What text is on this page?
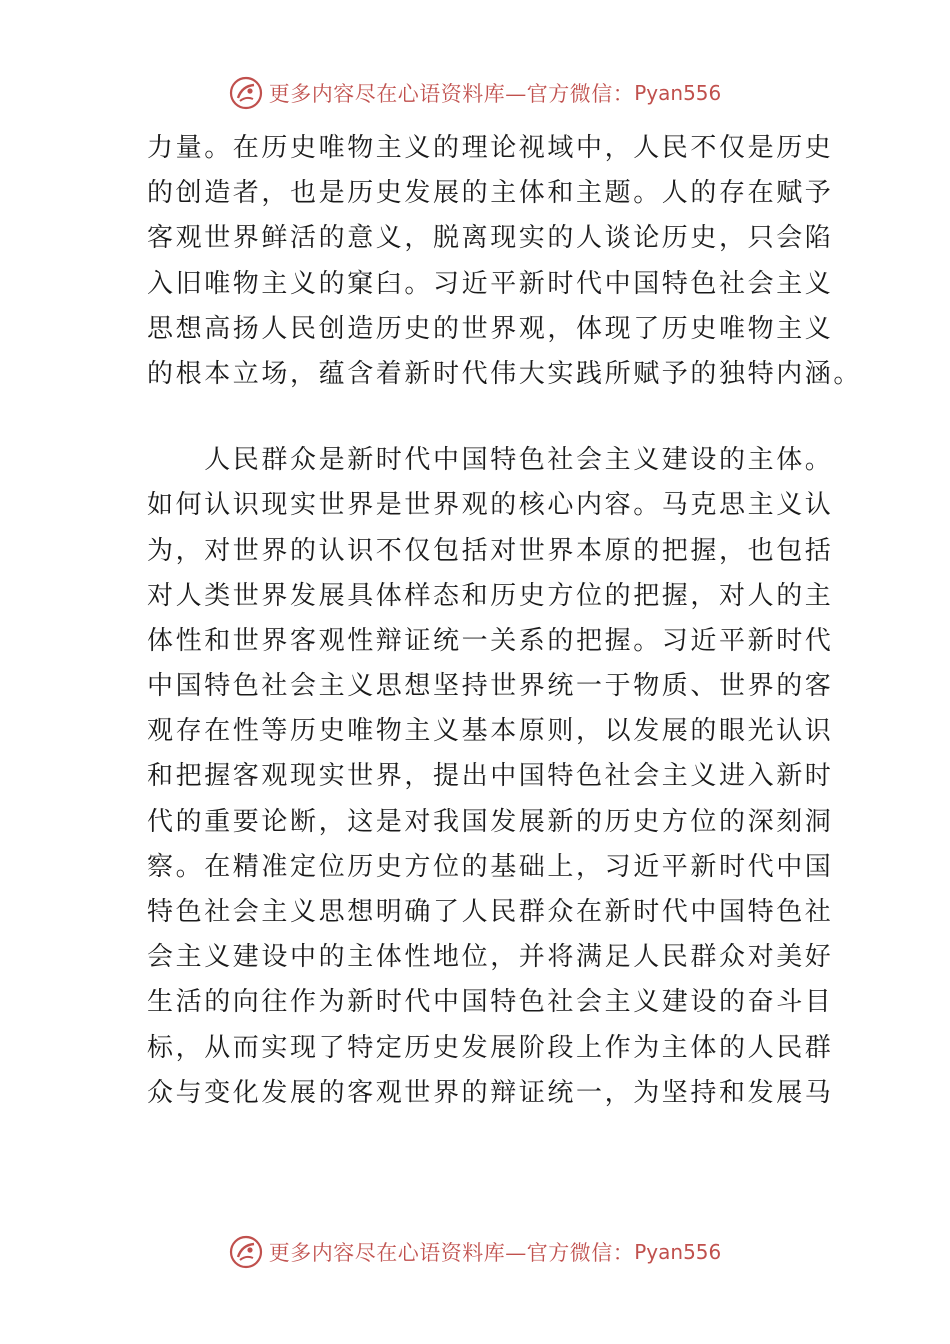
更多内容尽在心语资料库—官方微信： Pyan556
力量。在历史唯物主义的理论视域中，人民不仅是历史
的创造者，也是历史发展的主体和主题。人的存在赋予
客观世界鲜活的意义，脱离现实的人谈论历史，只会陷
入旧唯物主义的窠臼。习近平新时代中国特色社会主义
思想高扬人民创造历史的世界观，体现了历史唯物主义
的根本立场，蕴含着新时代伟大实践所赋予的独特内涵。
　　人民群众是新时代中国特色社会主义建设的主体。
如何认识现实世界是世界观的核心内容。马克思主义认
为，对世界的认识不仅包括对世界本原的把握，也包括
对人类世界发展具体样态和历史方位的把握，对人的主
体性和世界客观性辩证统一关系的把握。习近平新时代
中国特色社会主义思想坚持世界统一于物质、世界的客
观存在性等历史唯物主义基本原则，以发展的眼光认识
和把握客观现实世界，提出中国特色社会主义进入新时
代的重要论断，这是对我国发展新的历史方位的深刻洞
察。在精准定位历史方位的基础上，习近平新时代中国
特色社会主义思想明确了人民群众在新时代中国特色社
会主义建设中的主体性地位，并将满足人民群众对美好
生活的向往作为新时代中国特色社会主义建设的奋斗目
标，从而实现了特定历史发展阶段上作为主体的人民群
众与变化发展的客观世界的辩证统一，为坚持和发展马
更多内容尽在心语资料库—官方微信： Pyan556
